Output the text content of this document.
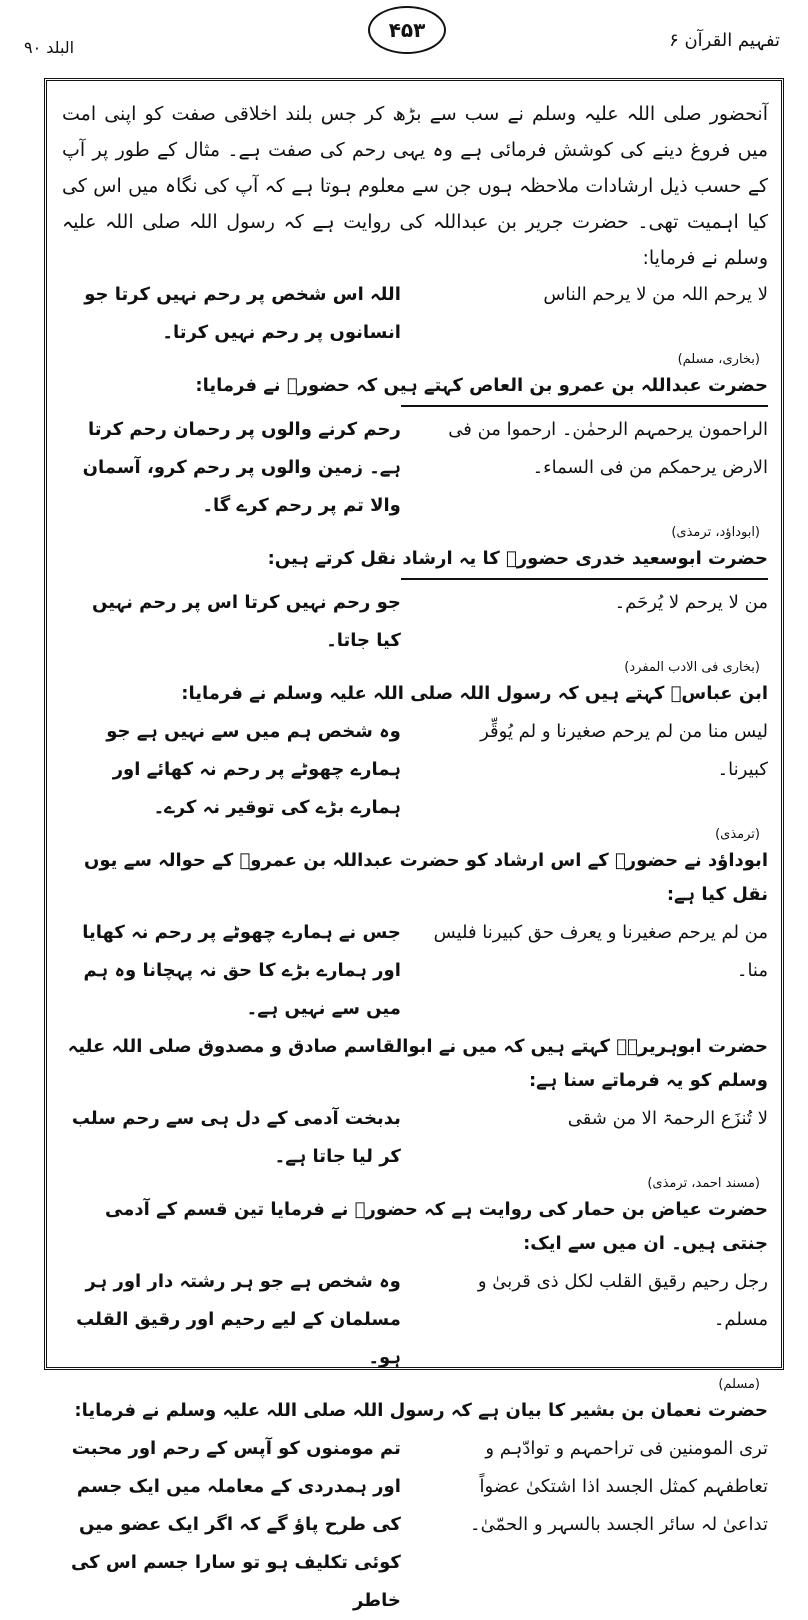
البلد ۹۰
۴۵۳	تفہیم القرآن ۶

آنحضور صلی اللہ علیہ وسلم نے سب سے بڑھ کر جس بلند اخلاقی صفت کو اپنی امت میں فروغ دینے کی کوشش فرمائی ہے وہ یہی رحم کی صفت ہے۔ مثال کے طور پر آپ کے حسب ذیل ارشادات ملاحظہ ہوں جن سے معلوم ہوتا ہے کہ آپ کی نگاہ میں اس کی کیا اہمیت تھی۔ حضرت جریر بن عبداللہ کی روایت ہے کہ رسول اللہ صلی اللہ علیہ وسلم نے فرمایا:

لا یرحم اللہ من لا یرحم الناس
اللہ اس شخص پر رحم نہیں کرتا جو انسانوں پر رحم نہیں کرتا۔
(بخاری، مسلم)

حضرت عبداللہ بن عمرو بن العاص کہتے ہیں کہ حضورؐ نے فرمایا:

الراحمون یرحمہم الرحمٰن۔ ارحموا من فی الارض یرحمکم من فی السماء۔
رحم کرنے والوں پر رحمان رحم کرتا ہے۔ زمین والوں پر رحم کرو، آسمان والا تم پر رحم کرے گا۔
(ابوداؤد، ترمذی)

حضرت ابوسعید خدری حضورؐ کا یہ ارشاد نقل کرتے ہیں:

من لا یرحم لا یُرحَم۔
جو رحم نہیں کرتا اس پر رحم نہیں کیا جاتا۔
(بخاری فی الادب المفرد)

ابن عباسؓ کہتے ہیں کہ رسول اللہ صلی اللہ علیہ وسلم نے فرمایا:

لیس منا من لم یرحم صغیرنا و لم یُوقِّر کبیرنا۔
وہ شخص ہم میں سے نہیں ہے جو ہمارے چھوٹے پر رحم نہ کھائے اور ہمارے بڑے کی توقیر نہ کرے۔
(ترمذی)

ابوداؤد نے حضورؐ کے اس ارشاد کو حضرت عبداللہ بن عمروؓ کے حوالہ سے یوں نقل کیا ہے:

من لم یرحم صغیرنا و یعرف حق کبیرنا فلیس منا۔
جس نے ہمارے چھوٹے پر رحم نہ کھایا اور ہمارے بڑے کا حق نہ پہچانا وہ ہم میں سے نہیں ہے۔

حضرت ابوہریرہؓ کہتے ہیں کہ میں نے ابوالقاسم صادق و مصدوق صلی اللہ علیہ وسلم کو یہ فرماتے سنا ہے:

لا تُنزَع الرحمۃ الا من شقی
بدبخت آدمی کے دل ہی سے رحم سلب کر لیا جاتا ہے۔
(مسند احمد، ترمذی)

حضرت عیاض بن حمار کی روایت ہے کہ حضورؐ نے فرمایا تین قسم کے آدمی جنتی ہیں۔ ان میں سے ایک:

رجل رحیم رقیق القلب لکل ذی قربیٰ و مسلم۔
وہ شخص ہے جو ہر رشتہ دار اور ہر مسلمان کے لیے رحیم اور رقیق القلب ہو۔
(مسلم)

حضرت نعمان بن بشیر کا بیان ہے کہ رسول اللہ صلی اللہ علیہ وسلم نے فرمایا:

تری المومنین فی تراحمہم و توادّہم و تعاطفہم کمثل الجسد اذا اشتکیٰ عضواً تداعیٰ لہ سائر الجسد بالسہر و الحمّیٰ۔
تم مومنوں کو آپس کے رحم اور محبت اور ہمدردی کے معاملہ میں ایک جسم کی طرح پاؤ گے کہ اگر ایک عضو میں کوئی تکلیف ہو تو سارا جسم اس کی خاطر
